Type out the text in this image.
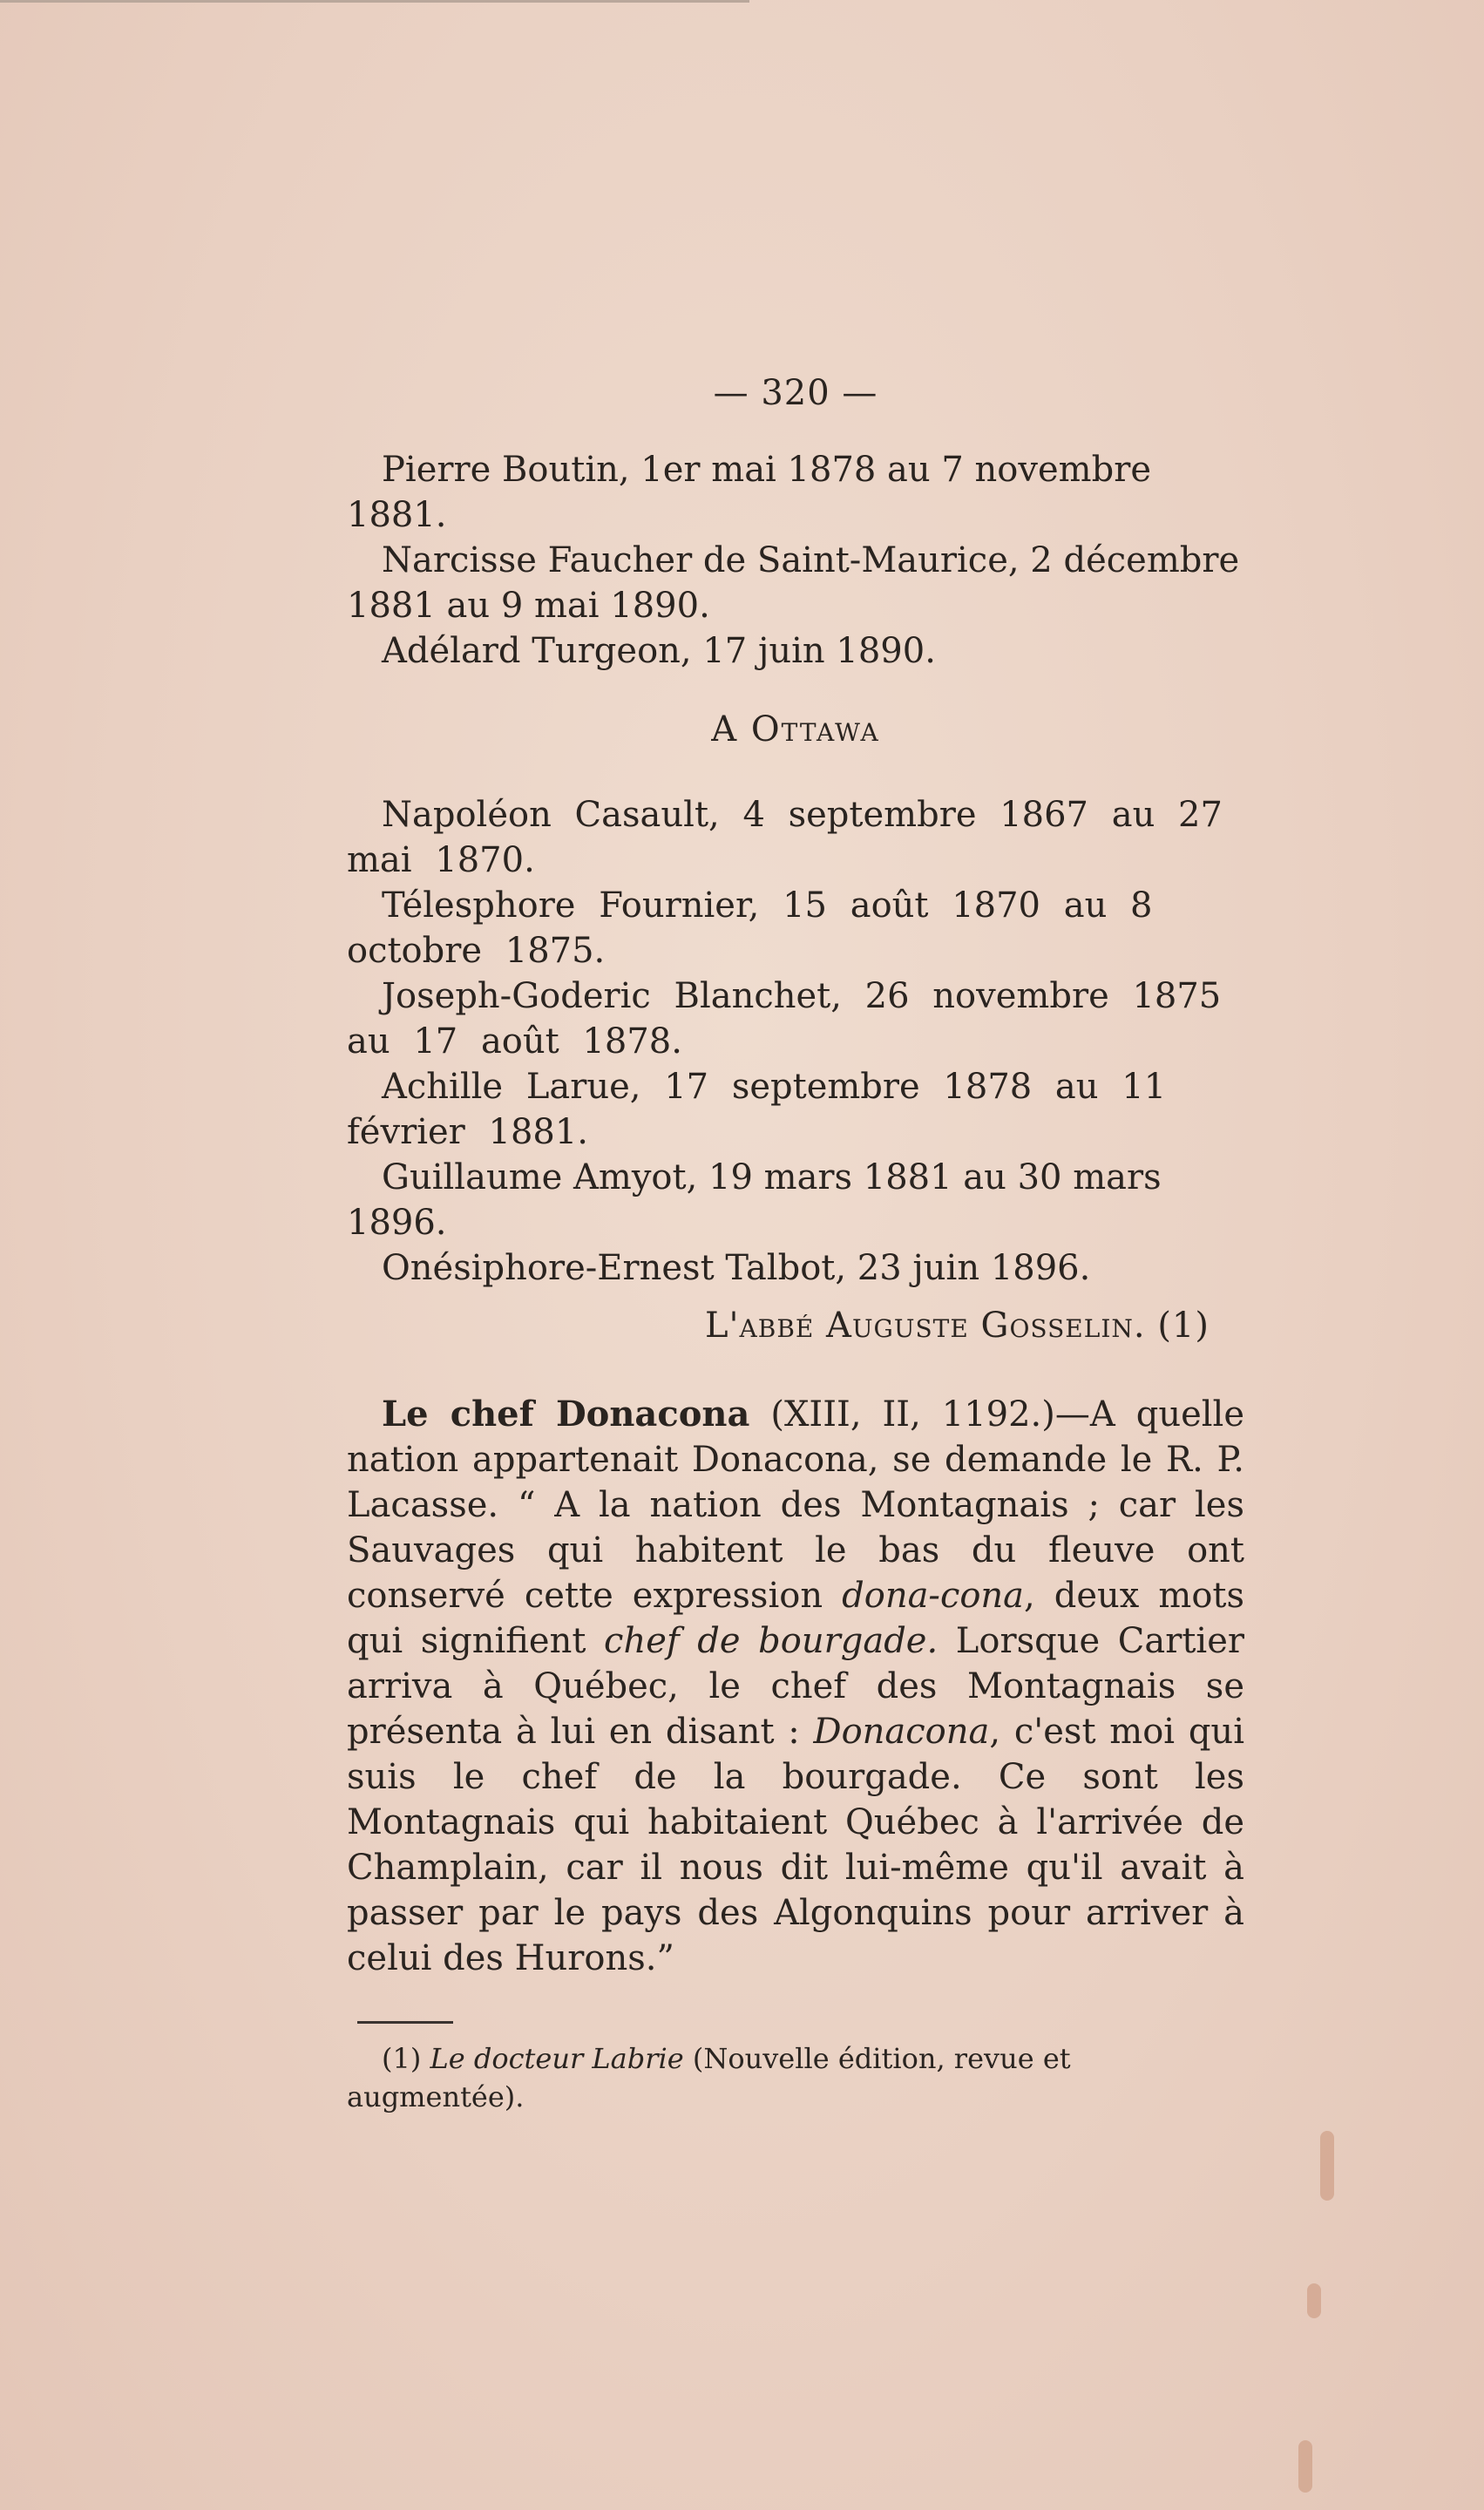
— 320 —

Pierre Boutin, 1er mai 1878 au 7 novembre 1881.

Narcisse Faucher de Saint-Maurice, 2 décembre 1881 au 9 mai 1890.

Adélard Turgeon, 17 juin 1890.

A Ottawa

Napoléon Casault, 4 septembre 1867 au 27 mai 1870.

Télesphore Fournier, 15 août 1870 au 8 octobre 1875.

Joseph-Goderic Blanchet, 26 novembre 1875 au 17 août 1878.

Achille Larue, 17 septembre 1878 au 11 février 1881.

Guillaume Amyot, 19 mars 1881 au 30 mars 1896.

Onésiphore-Ernest Talbot, 23 juin 1896.

L'abbé Auguste Gosselin. (1)

Le chef Donacona (XIII, II, 1192.)—A quelle nation appartenait Donacona, se demande le R. P. Lacasse. “ A la nation des Montagnais ; car les Sauvages qui habitent le bas du fleuve ont conservé cette expression dona-cona, deux mots qui signifient chef de bourgade. Lorsque Cartier arriva à Québec, le chef des Montagnais se présenta à lui en disant : Donacona, c'est moi qui suis le chef de la bourgade. Ce sont les Montagnais qui habitaient Québec à l'arrivée de Champlain, car il nous dit lui-même qu'il avait à passer par le pays des Algonquins pour arriver à celui des Hurons.”

(1) Le docteur Labrie (Nouvelle édition, revue et augmentée).
